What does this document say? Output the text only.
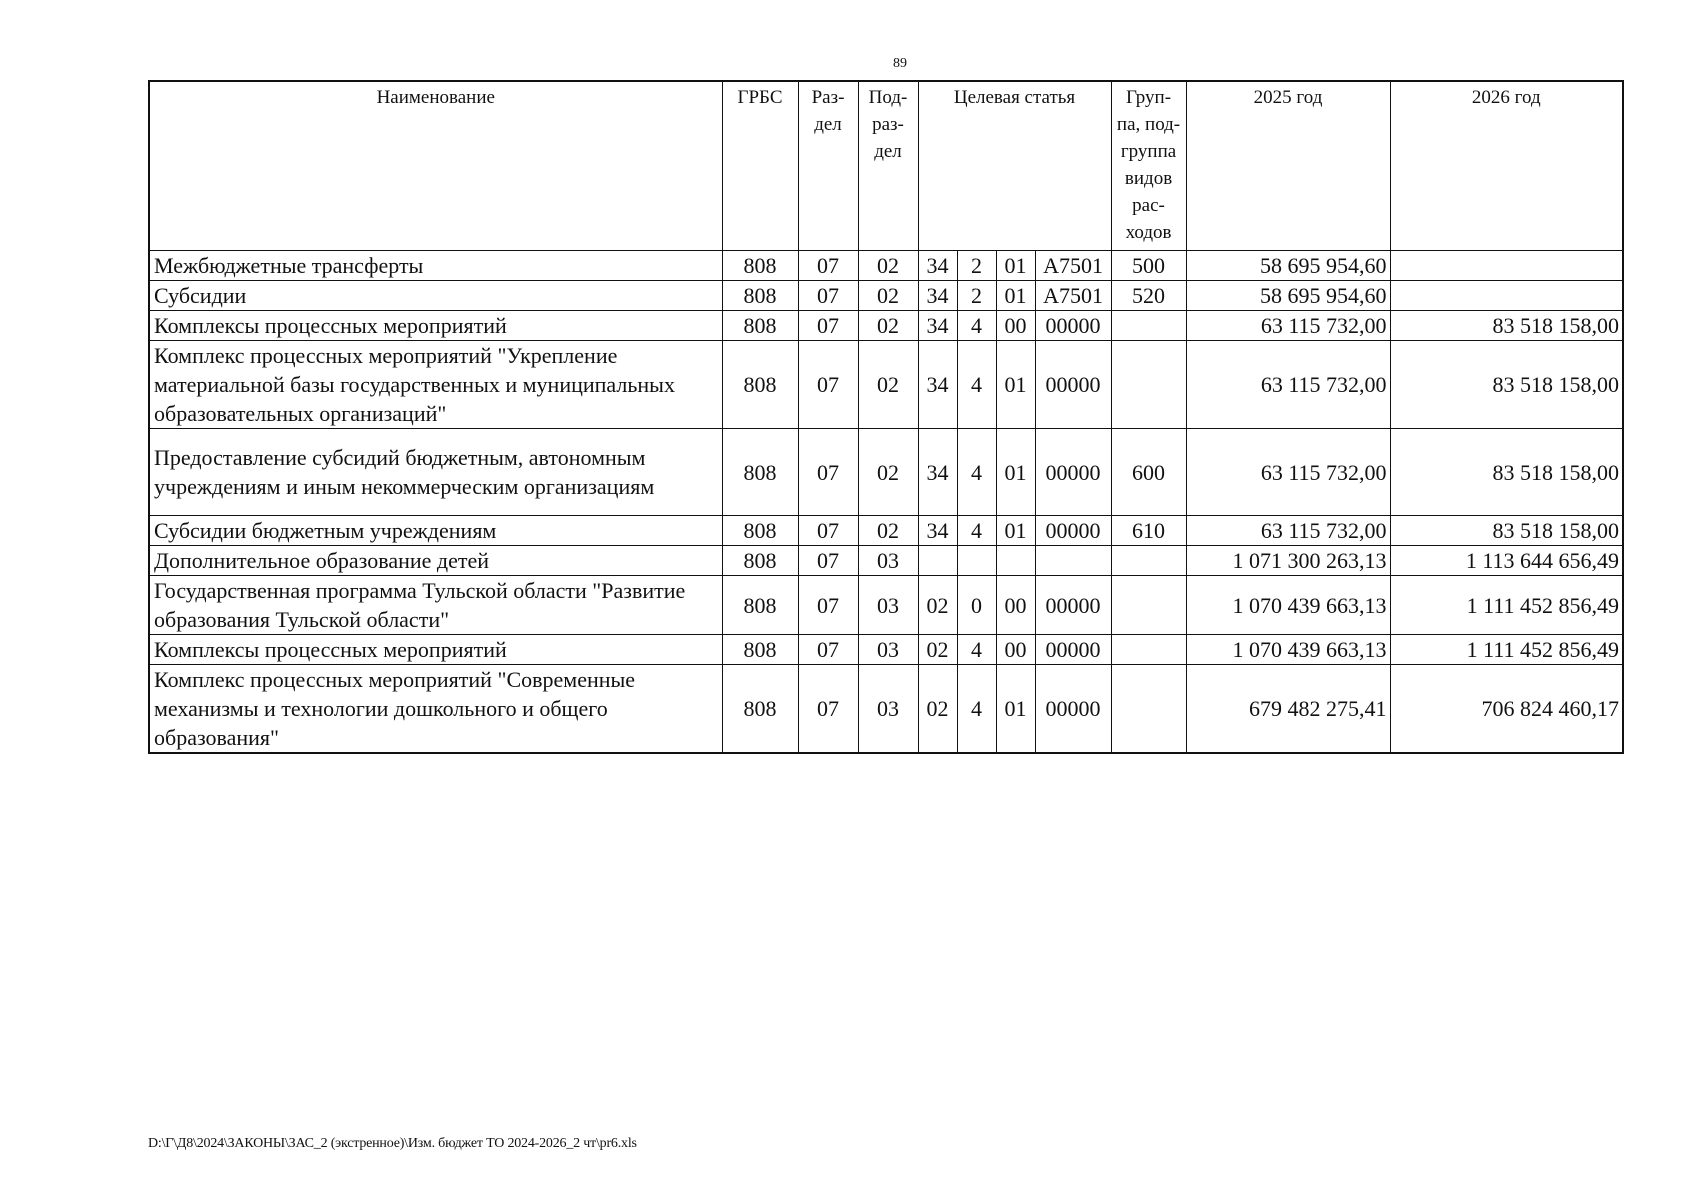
89
Наименование	ГРБС	Раз-дел	Под-раз-дел	Целевая статья				Груп-па, под-группа видов рас-ходов	2025 год	2026 год
Межбюджетные трансферты	808	07	02	34	2	01	А7501	500	58 695 954,60	
Субсидии	808	07	02	34	2	01	А7501	520	58 695 954,60	
Комплексы процессных мероприятий	808	07	02	34	4	00	00000		63 115 732,00	83 518 158,00
Комплекс процессных мероприятий "Укрепление материальной базы государственных и муниципальных образовательных организаций"	808	07	02	34	4	01	00000		63 115 732,00	83 518 158,00
Предоставление субсидий бюджетным, автономным учреждениям и иным некоммерческим организациям	808	07	02	34	4	01	00000	600	63 115 732,00	83 518 158,00
Субсидии бюджетным учреждениям	808	07	02	34	4	01	00000	610	63 115 732,00	83 518 158,00
Дополнительное образование детей	808	07	03						1 071 300 263,13	1 113 644 656,49
Государственная программа Тульской области "Развитие образования Тульской области"	808	07	03	02	0	00	00000		1 070 439 663,13	1 111 452 856,49
Комплексы процессных мероприятий	808	07	03	02	4	00	00000		1 070 439 663,13	1 111 452 856,49
Комплекс процессных мероприятий "Современные механизмы и технологии дошкольного и общего образования"	808	07	03	02	4	01	00000		679 482 275,41	706 824 460,17
D:\Г\Д8\2024\ЗАКОНЫ\ЗАС_2 (экстренное)\Изм. бюджет ТО 2024-2026_2 чт\pr6.xls
